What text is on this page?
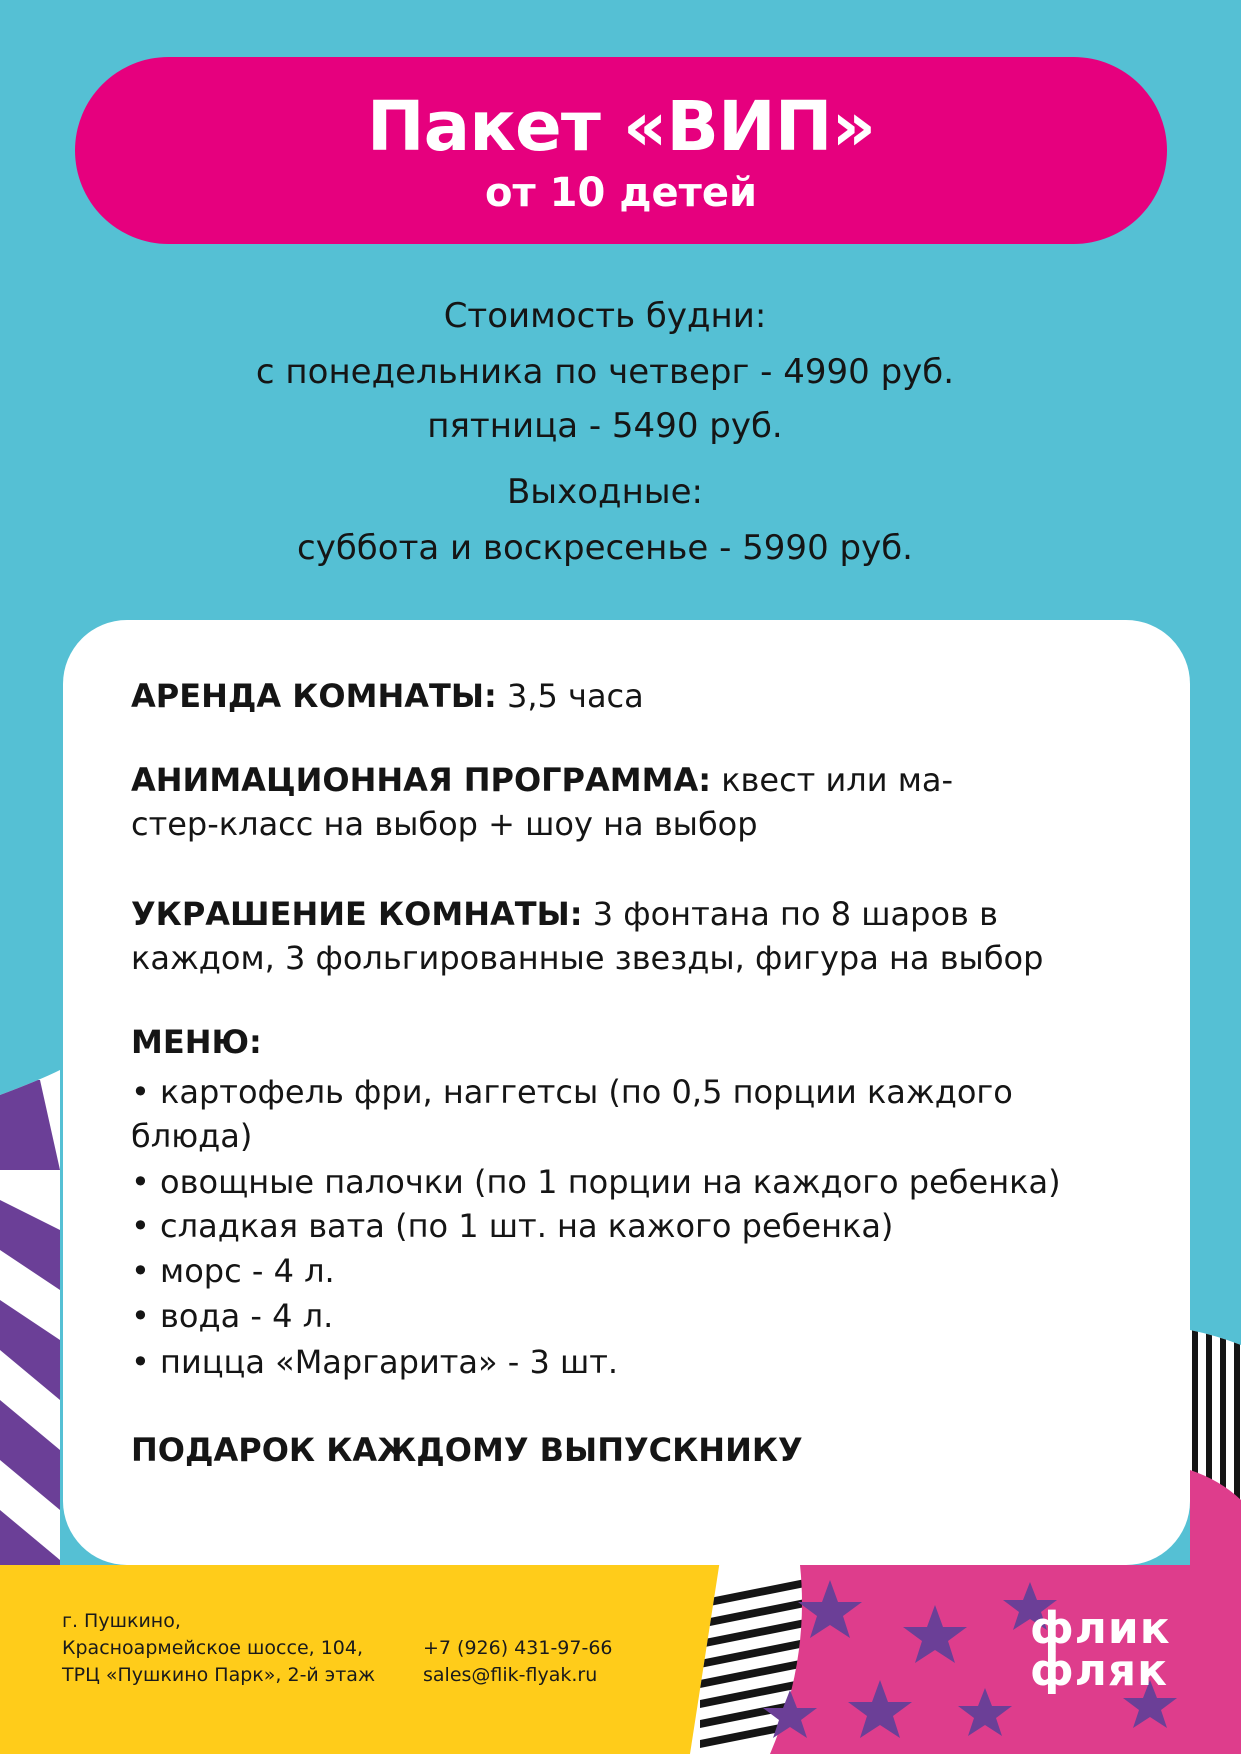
Пакет «ВИП»
от 10 детей
Стоимость будни:
с понедельника по четверг - 4990 руб.
пятница - 5490 руб.
Выходные:
суббота и воскресенье - 5990 руб.
АРЕНДА КОМНАТЫ: 3,5 часа
АНИМАЦИОННАЯ ПРОГРАММА: квест или ма-
стер-класс на выбор + шоу на выбор
УКРАШЕНИЕ КОМНАТЫ: 3 фонтана по 8 шаров в
каждом, 3 фольгированные звезды, фигура на выбор
МЕНЮ:
• картофель фри, наггетсы (по 0,5 порции каждого
блюда)
• овощные палочки (по 1 порции на каждого ребенка)
• сладкая вата (по 1 шт. на кажого ребенка)
• морс - 4 л.
• вода - 4 л.
• пицца «Маргарита» - 3 шт.
ПОДАРОК КАЖДОМУ ВЫПУСКНИКУ
г. Пушкино,
Красноармейское шоссе, 104,
ТРЦ «Пушкино Парк», 2-й этаж
+7 (926) 431-97-66
sales@flik-flyak.ru
флик
фляк
